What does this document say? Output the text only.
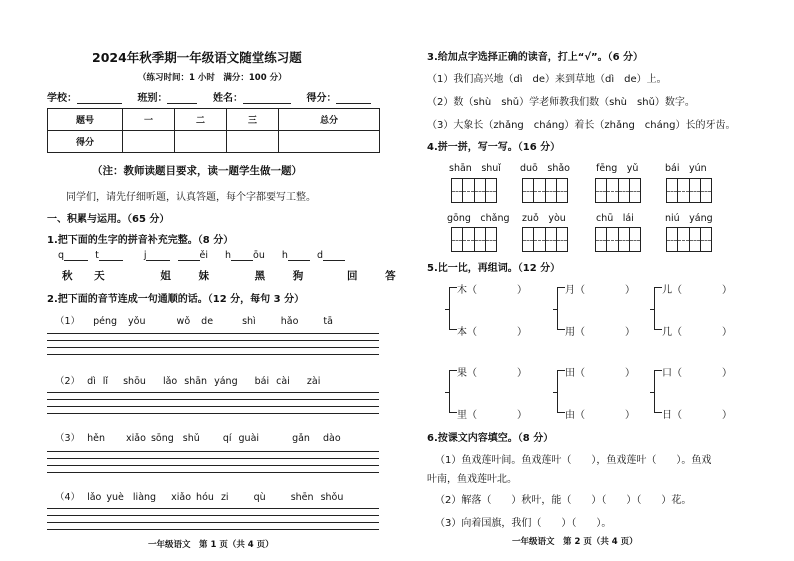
2024年秋季期一年级语文随堂练习题
（练习时间：1 小时　满分：100 分）
学校：	班别：	姓名：	得分：
题号	一	二	三	总分
得分				
（注：教师读题目要求，读一题学生做一题）
同学们，请先仔细听题，认真答题，每个字都要写工整。
一、积累与运用。（65 分）
1.把下面的生字的拼音补充完整。（8 分）
q	t	j	ěi h ōu h	d
秋 天	姐	妹	黑	狗	回	答
2.把下面的音节连成一句通顺的话。（12 分，每句 3 分）
（1） péng yǒu	wǒ de	shì	hǎo	tā
（2） dì lǐ shōu lǎo shān yáng bái cài zài
（3） hěn xiǎo sōng shǔ qí guài	gǎn dào
（4） lǎo yuè liàng xiǎo hóu zi	qù	shēn shǒu
一年级语文　第 1 页（共 4 页）
3.给加点字选择正确的读音，打上“√”。（6 分）
（1）我们高兴地（dì　de）来到草地（dì　de）上。
（2）数（shù　shǔ）学老师教我们数（shù　shǔ）数字。
（3）大象长（zhǎng　cháng）着长（zhǎng　cháng）长的牙齿。
4.拼一拼，写一写。（16 分）
shān　shuǐ duō　shǎo	fēng　yǔ	bái　yún
gōng　chǎng zuǒ　yòu	chū　lái	niú　yáng
5.比一比，再组词。（12 分）
木（　　　　）
本（　　　　）
月（　　　　）
用（　　　　）
儿（　　　　）
几（　　　　）
果（　　　　）
里（　　　　）
田（　　　　）
由（　　　　）
口（　　　　）
日（　　　　）
6.按课文内容填空。（8 分）
（1）鱼戏莲叶间。鱼戏莲叶（　　），鱼戏莲叶（　　）。鱼戏
叶南，鱼戏莲叶北。
（2）解落（　　）秋叶，能（　　）（　　）（　　）花。
（3）向着国旗，我们（　　）（　　）。
一年级语文　第 2 页（共 4 页）
